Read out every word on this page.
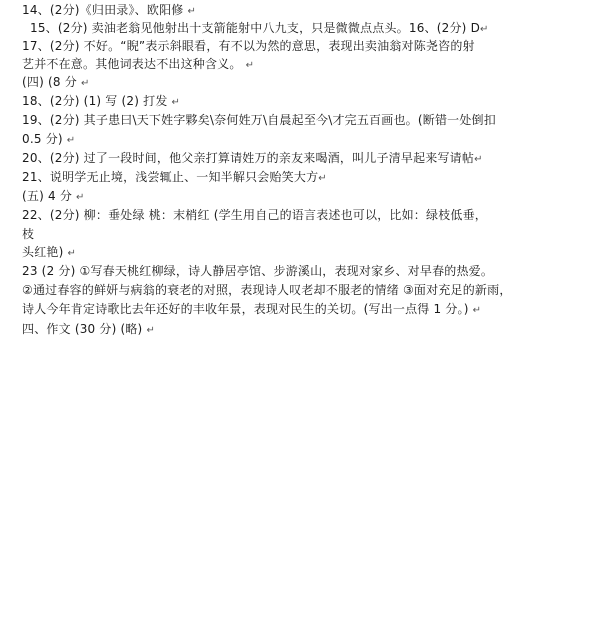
14、(2分)《归田录》、欧阳修 ↵
15、(2分) 卖油老翁见他射出十支箭能射中八九支，只是微微点点头。16、(2分) D↵
17、(2分) 不好。“睨”表示斜眼看，有不以为然的意思，表现出卖油翁对陈尧咨的射
艺并不在意。其他词表达不出这种含义。 ↵
(四) (8 分 ↵
18、(2分) (1) 写 (2) 打发 ↵
19、(2分) 其子患曰\天下姓字夥矣\奈何姓万\自晨起至今\才完五百画也。(断错一处倒扣
0.5 分) ↵
20、(2分) 过了一段时间，他父亲打算请姓万的亲友来喝酒，叫儿子清早起来写请帖↵
21、说明学无止境，浅尝辄止、一知半解只会贻笑大方↵
(五) 4 分 ↵
22、(2分) 柳：垂处绿 桃：末梢红 (学生用自己的语言表述也可以，比如：绿枝低垂，
枝
头红艳) ↵
23 (2 分) ①写春天桃红柳绿，诗人静居亭馆、步游溪山，表现对家乡、对早春的热爱。
②通过春容的鲜妍与病翁的衰老的对照，表现诗人叹老却不服老的情绪 ③面对充足的新雨，
诗人今年肯定诗歌比去年还好的丰收年景，表现对民生的关切。(写出一点得 1 分。) ↵
四、作文 (30 分) (略) ↵
